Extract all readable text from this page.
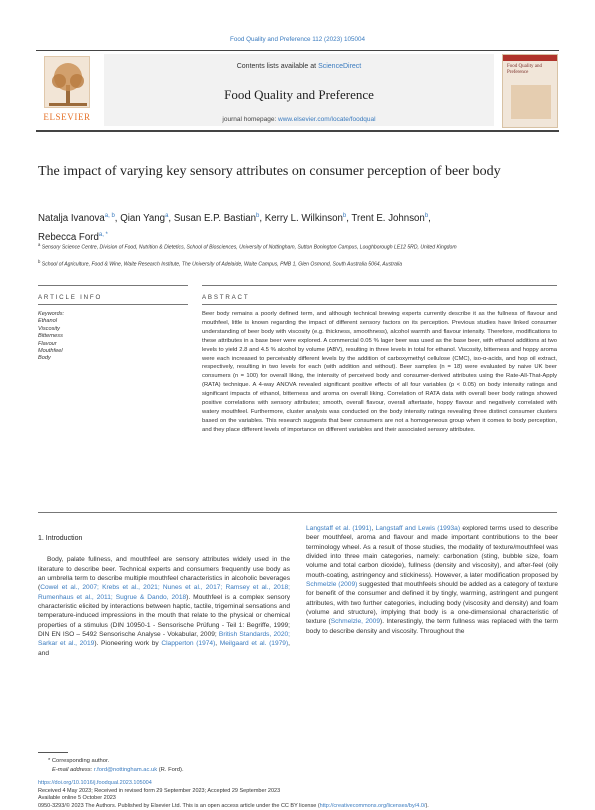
Food Quality and Preference 112 (2023) 105004
ELSEVIER
Contents lists available at ScienceDirect
Food Quality and Preference
journal homepage: www.elsevier.com/locate/foodqual
Food Quality and Preference
The impact of varying key sensory attributes on consumer perception of beer body
Natalja Ivanova$^{a, b}$, Qian Yang$^a$, Susan E.P. Bastian$^b$, Kerry L. Wilkinson$^b$, Trent E. Johnson$^b$,
Rebecca Ford$^{a, *}$
$^a$ Sensory Science Centre, Division of Food, Nutrition & Dietetics, School of Biosciences, University of Nottingham, Sutton Bonington Campus, Loughborough LE12 5RD, United Kingdom
$^b$ School of Agriculture, Food & Wine, Waite Research Institute, The University of Adelaide, Waite Campus, PMB 1, Glen Osmond, South Australia 5064, Australia
ARTICLE INFO	ABSTRACT
Keywords:
Ethanol
Viscosity
Bitterness
Flavour
Mouthfeel
Body
Beer body remains a poorly defined term, and although technical brewing experts currently describe it as the fullness of flavour and mouthfeel, little is known regarding the impact of different sensory factors on its perception. Previous studies have linked consumer understanding of beer body with viscosity (e.g. thickness, smoothness), alcohol warmth and flavour intensity. Therefore, modifications to these attributes in a base beer were explored. A commercial 0.05 % lager beer was used as the base beer, with ethanol additions at two levels to yield 2.8 and 4.5 % alcohol by volume (ABV), resulting in three levels in total for ethanol. Viscosity, bitterness and hoppy aroma were each increased to perceivably different levels by the addition of carboxymethyl cellulose (CMC), iso-α-acids, and hop oil extract, respectively, resulting in two levels for each (with addition and without). Beer samples (n = 18) were evaluated by naive UK beer consumers (n = 100) for overall liking, the intensity of perceived body and consumer-derived attributes using the Rate-All-That-Apply (RATA) technique. A 4-way ANOVA revealed significant positive effects of all four variables (p < 0.05) on body intensity ratings and significant impacts of ethanol, bitterness and aroma on overall liking. Correlation of RATA data with overall beer body ratings showed positive correlations with sensory attributes; smooth, overall flavour, overall aftertaste, hoppy flavour and negatively correlated with watery mouthfeel. Furthermore, cluster analysis was conducted on the body intensity ratings revealing three distinct consumer clusters based on the variables. This research suggests that beer consumers are not a homogeneous group when it comes to body perception, and they place different levels of importance on different variables and their associated sensory attributes.
1. Introduction

Body, palate fullness, and mouthfeel are sensory attributes widely used in the literature to describe beer. Technical experts and consumers frequently use body as an umbrella term to describe multiple mouthfeel characteristics in alcoholic beverages (Cowel et al., 2007; Krebs et al., 2021; Nunes et al., 2017; Ramsey et al., 2018; Rumenhaus et al., 2011; Sugrue & Dando, 2018). Mouthfeel is a complex sensory characteristic elicited by interactions between haptic, tactile, trigeminal sensations and temperature-induced impressions in the mouth that relate to the physical or chemical properties of a stimulus (DIN 10950-1 - Sensorische Prüfung - Teil 1: Begriffe, 1999; DIN EN ISO – 5492 Sensorische Analyse - Vokabular, 2009; British Standards, 2020; Sarkar et al., 2019). Pioneering work by Clapperton (1974), Meilgaard et al. (1979), and

Langstaff et al. (1991), Langstaff and Lewis (1993a) explored terms used to describe beer mouthfeel, aroma and flavour and made important contributions to the beer terminology wheel. As a result of those studies, the modality of texture/mouthfeel was divided into three main categories, namely: carbonation (sting, bubble size, foam volume and total carbon dioxide), fullness (density and viscosity), and after-feel (oily mouth-coating, astringency and stickiness). However, a later modification proposed by Schmelzle (2009) suggested that mouthfeels should be added as a category of texture for benefit of the consumer and defined it by tingly, warming, astringent and pungent attributes, with two further categories, including body (viscosity and density) and foam (volume and structure), implying that body is a one-dimensional characteristic of texture (Schmelzle, 2009). Interestingly, the term fullness was replaced with the term body to describe density and viscosity. Throughout the
* Corresponding author.
E-mail address: r.ford@nottingham.ac.uk (R. Ford).
https://doi.org/10.1016/j.foodqual.2023.105004
Received 4 May 2023; Received in revised form 29 September 2023; Accepted 29 September 2023
Available online 5 October 2023
0950-3293/© 2023 The Authors. Published by Elsevier Ltd. This is an open access article under the CC BY license (http://creativecommons.org/licenses/by/4.0/).
